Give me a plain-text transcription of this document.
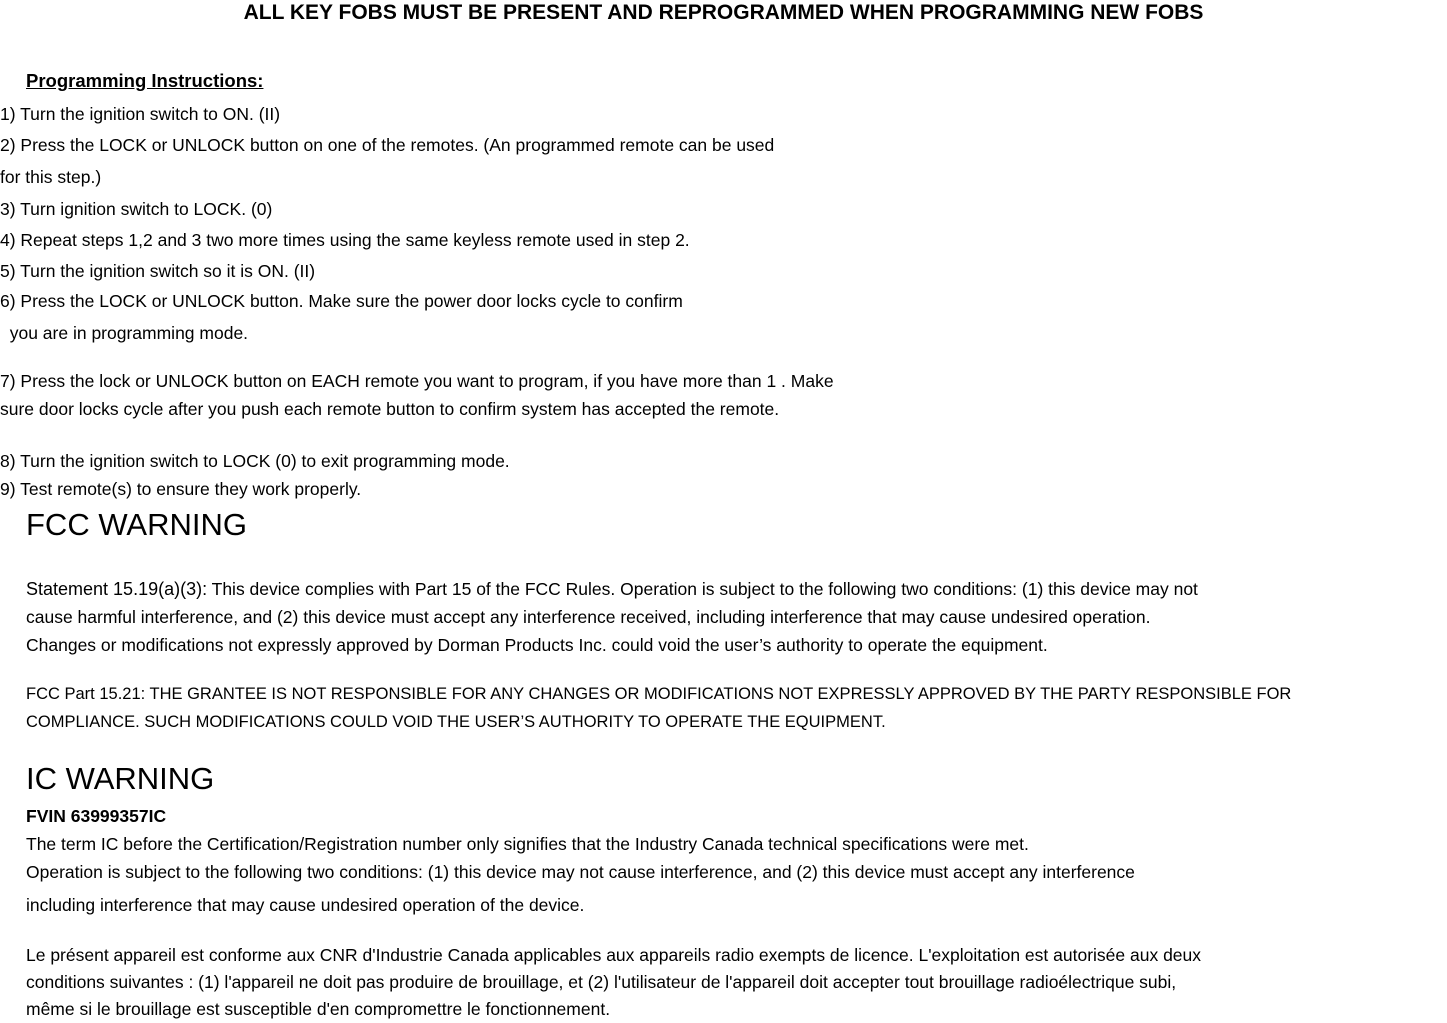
ALL KEY FOBS MUST BE PRESENT AND REPROGRAMMED WHEN PROGRAMMING NEW FOBS
Programming Instructions:
1) Turn the ignition switch to ON. (II)
2) Press the LOCK or UNLOCK button on one of the remotes. (An programmed remote can be used
for this step.)
3) Turn ignition switch to LOCK. (0)
4) Repeat steps 1,2 and 3 two more times using the same keyless remote used in step 2.
5) Turn the ignition switch so it is ON. (II)
6) Press the LOCK or UNLOCK button. Make sure the power door locks cycle to confirm
you are in programming mode.
7) Press the lock or UNLOCK button on EACH remote you want to program, if you have more than 1 . Make
sure door locks cycle after you push each remote button to confirm system has accepted the remote.
8) Turn the ignition switch to LOCK (0) to exit programming mode.
9) Test remote(s) to ensure they work properly.
FCC WARNING
Statement 15.19(a)(3): This device complies with Part 15 of the FCC Rules. Operation is subject to the following two conditions: (1) this device may not
cause harmful interference, and (2) this device must accept any interference received, including interference that may cause undesired operation.
Changes or modifications not expressly approved by Dorman Products Inc. could void the user’s authority to operate the equipment.
FCC Part 15.21: THE GRANTEE IS NOT RESPONSIBLE FOR ANY CHANGES OR MODIFICATIONS NOT EXPRESSLY APPROVED BY THE PARTY RESPONSIBLE FOR
COMPLIANCE. SUCH MODIFICATIONS COULD VOID THE USER’S AUTHORITY TO OPERATE THE EQUIPMENT.
IC WARNING
FVIN 63999357IC
The term IC before the Certification/Registration number only signifies that the Industry Canada technical specifications were met.
Operation is subject to the following two conditions: (1) this device may not cause interference, and (2) this device must accept any interference
including interference that may cause undesired operation of the device.
Le présent appareil est conforme aux CNR d'Industrie Canada applicables aux appareils radio exempts de licence. L'exploitation est autorisée aux deux
conditions suivantes : (1) l'appareil ne doit pas produire de brouillage, et (2) l'utilisateur de l'appareil doit accepter tout brouillage radioélectrique subi,
même si le brouillage est susceptible d'en compromettre le fonctionnement.
